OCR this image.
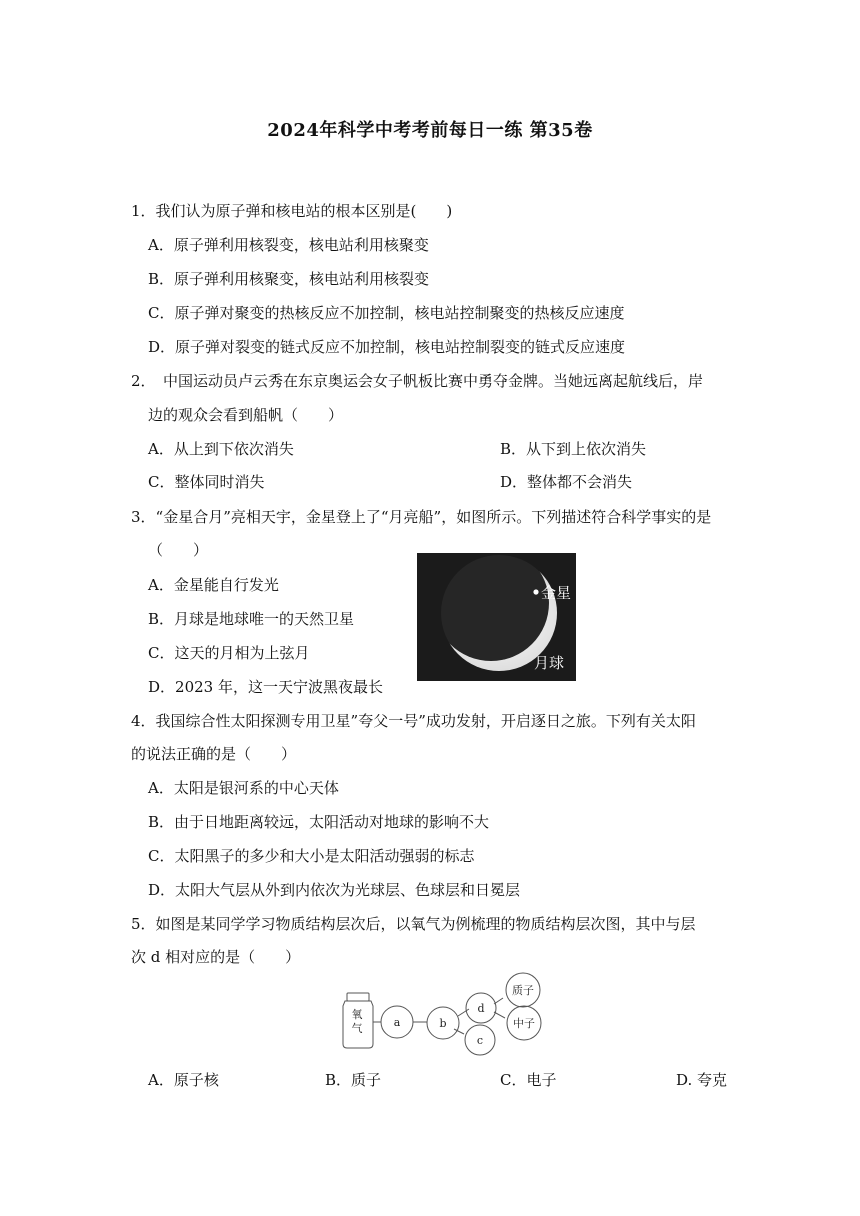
2024年科学中考考前每日一练 第35卷
1．我们认为原子弹和核电站的根本区别是(　　)
A．原子弹利用核裂变，核电站利用核聚变
B．原子弹利用核聚变，核电站利用核裂变
C．原子弹对聚变的热核反应不加控制，核电站控制聚变的热核反应速度
D．原子弹对裂变的链式反应不加控制，核电站控制裂变的链式反应速度
2．　中国运动员卢云秀在东京奥运会女子帆板比赛中勇夺金牌。当她远离起航线后，岸
边的观众会看到船帆（　　）
A．从上到下依次消失	B．从下到上依次消失
C．整体同时消失	D．整体都不会消失
3．“金星合月”亮相天宇，金星登上了“月亮船”，如图所示。下列描述符合科学事实的是
（　　）
A．金星能自行发光
B．月球是地球唯一的天然卫星
C．这天的月相为上弦月
D．2023 年，这一天宁波黑夜最长
金星
月球
4．我国综合性太阳探测专用卫星”夸父一号”成功发射，开启逐日之旅。下列有关太阳
的说法正确的是（　　）
A．太阳是银河系的中心天体
B．由于日地距离较远，太阳活动对地球的影响不大
C．太阳黑子的多少和大小是太阳活动强弱的标志
D．太阳大气层从外到内依次为光球层、色球层和日冕层
5．如图是某同学学习物质结构层次后，以氧气为例梳理的物质结构层次图，其中与层
次 d 相对应的是（　　）
氧
气	a	b
c
d
质子
中子
A．原子核	B．质子	C．电子	D. 夸克
